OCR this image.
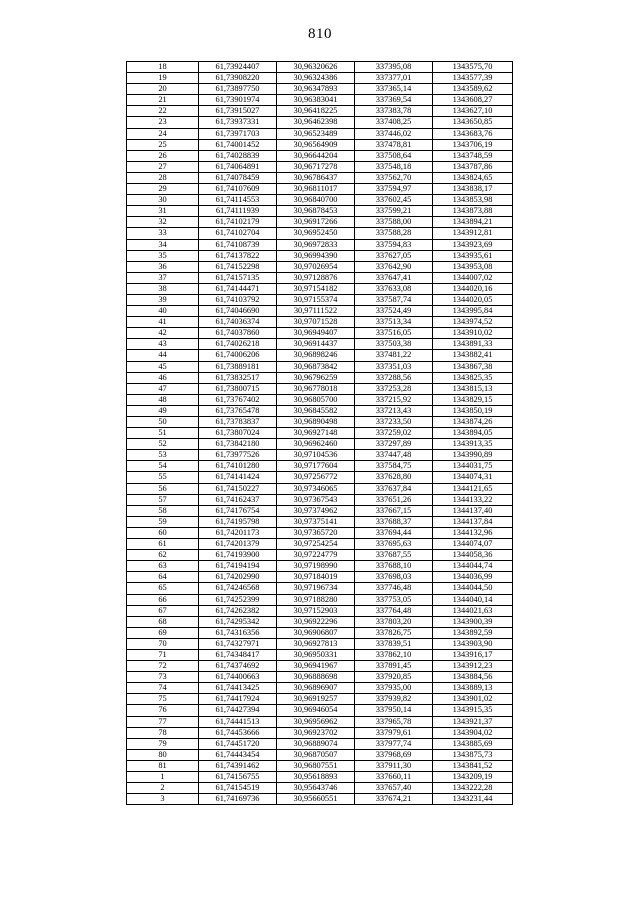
810
18	61,73924407	30,96320626	337395,08	1343575,70
19	61,73908220	30,96324386	337377,01	1343577,39
20	61,73897750	30,96347893	337365,14	1343589,62
21	61,73901974	30,96383041	337369,54	1343608,27
22	61,73915027	30,96418225	337383,78	1343627,10
23	61,73937331	30,96462398	337408,25	1343650,85
24	61,73971703	30,96523489	337446,02	1343683,76
25	61,74001452	30,96564909	337478,81	1343706,19
26	61,74028839	30,96644204	337508,64	1343748,59
27	61,74064891	30,96717278	337548,18	1343787,86
28	61,74078459	30,96786437	337562,70	1343824,65
29	61,74107609	30,96811017	337594,97	1343838,17
30	61,74114553	30,96840700	337602,45	1343853,98
31	61,74111939	30,96878453	337599,21	1343873,88
32	61,74102179	30,96917266	337588,00	1343894,21
33	61,74102704	30,96952450	337588,28	1343912,81
34	61,74108739	30,96972833	337594,83	1343923,69
35	61,74137822	30,96994390	337627,05	1343935,61
36	61,74152298	30,97026954	337642,90	1343953,08
37	61,74157135	30,97128876	337647,41	1344007,02
38	61,74144471	30,97154182	337633,08	1344020,16
39	61,74103792	30,97155374	337587,74	1344020,05
40	61,74046690	30,97111522	337524,49	1343995,84
41	61,74036374	30,97071528	337513,34	1343974,52
42	61,74037860	30,96949407	337516,05	1343910,02
43	61,74026218	30,96914437	337503,38	1343891,33
44	61,74006206	30,96898246	337481,22	1343882,41
45	61,73889181	30,96873842	337351,03	1343867,38
46	61,73832517	30,96796259	337288,56	1343825,35
47	61,73800715	30,96778018	337253,28	1343815,13
48	61,73767402	30,96805700	337215,92	1343829,15
49	61,73765478	30,96845582	337213,43	1343850,19
50	61,73783837	30,96890498	337233,50	1343874,26
51	61,73807024	30,96927148	337259,02	1343894,05
52	61,73842180	30,96962460	337297,89	1343913,35
53	61,73977526	30,97104536	337447,48	1343990,89
54	61,74101280	30,97177604	337584,75	1344031,75
55	61,74141424	30,97256772	337628,80	1344074,31
56	61,74150227	30,97346065	337637,84	1344121,65
57	61,74162437	30,97367543	337651,26	1344133,22
58	61,74176754	30,97374962	337667,15	1344137,40
59	61,74195798	30,97375141	337688,37	1344137,84
60	61,74201173	30,97365720	337694,44	1344132,96
61	61,74201379	30,97254254	337695,63	1344074,07
62	61,74193900	30,97224779	337687,55	1344058,36
63	61,74194194	30,97198990	337688,10	1344044,74
64	61,74202990	30,97184019	337698,03	1344036,99
65	61,74246568	30,97196734	337746,48	1344044,50
66	61,74252399	30,97188280	337753,05	1344040,14
67	61,74262382	30,97152903	337764,48	1344021,63
68	61,74295342	30,96922296	337803,20	1343900,39
69	61,74316356	30,96906807	337826,75	1343892,59
70	61,74327971	30,96927813	337839,51	1343903,90
71	61,74348417	30,96950331	337862,10	1343916,17
72	61,74374692	30,96941967	337891,45	1343912,23
73	61,74400663	30,96888698	337920,85	1343884,56
74	61,74413425	30,96896907	337935,00	1343889,13
75	61,74417924	30,96919257	337939,82	1343901,02
76	61,74427394	30,96946054	337950,14	1343915,35
77	61,74441513	30,96956962	337965,78	1343921,37
78	61,74453666	30,96923702	337979,61	1343904,02
79	61,74451720	30,96889074	337977,74	1343885,69
80	61,74443454	30,96870507	337968,69	1343875,73
81	61,74391462	30,96807551	337911,30	1343841,52
1	61,74156755	30,95618893	337660,11	1343209,19
2	61,74154519	30,95643746	337657,40	1343222,28
3	61,74169736	30,95660551	337674,21	1343231,44
